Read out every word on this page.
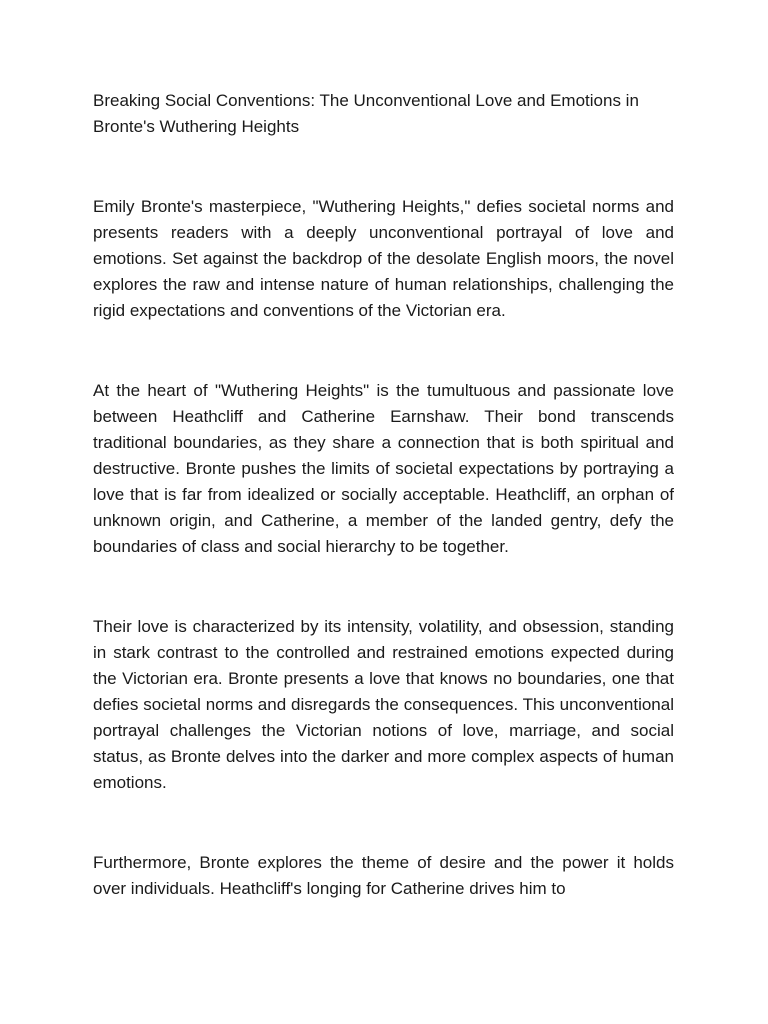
Breaking Social Conventions: The Unconventional Love and Emotions in Bronte's Wuthering Heights

Emily Bronte's masterpiece, "Wuthering Heights," defies societal norms and presents readers with a deeply unconventional portrayal of love and emotions. Set against the backdrop of the desolate English moors, the novel explores the raw and intense nature of human relationships, challenging the rigid expectations and conventions of the Victorian era.

At the heart of "Wuthering Heights" is the tumultuous and passionate love between Heathcliff and Catherine Earnshaw. Their bond transcends traditional boundaries, as they share a connection that is both spiritual and destructive. Bronte pushes the limits of societal expectations by portraying a love that is far from idealized or socially acceptable. Heathcliff, an orphan of unknown origin, and Catherine, a member of the landed gentry, defy the boundaries of class and social hierarchy to be together.

Their love is characterized by its intensity, volatility, and obsession, standing in stark contrast to the controlled and restrained emotions expected during the Victorian era. Bronte presents a love that knows no boundaries, one that defies societal norms and disregards the consequences. This unconventional portrayal challenges the Victorian notions of love, marriage, and social status, as Bronte delves into the darker and more complex aspects of human emotions.

Furthermore, Bronte explores the theme of desire and the power it holds over individuals. Heathcliff's longing for Catherine drives him to
